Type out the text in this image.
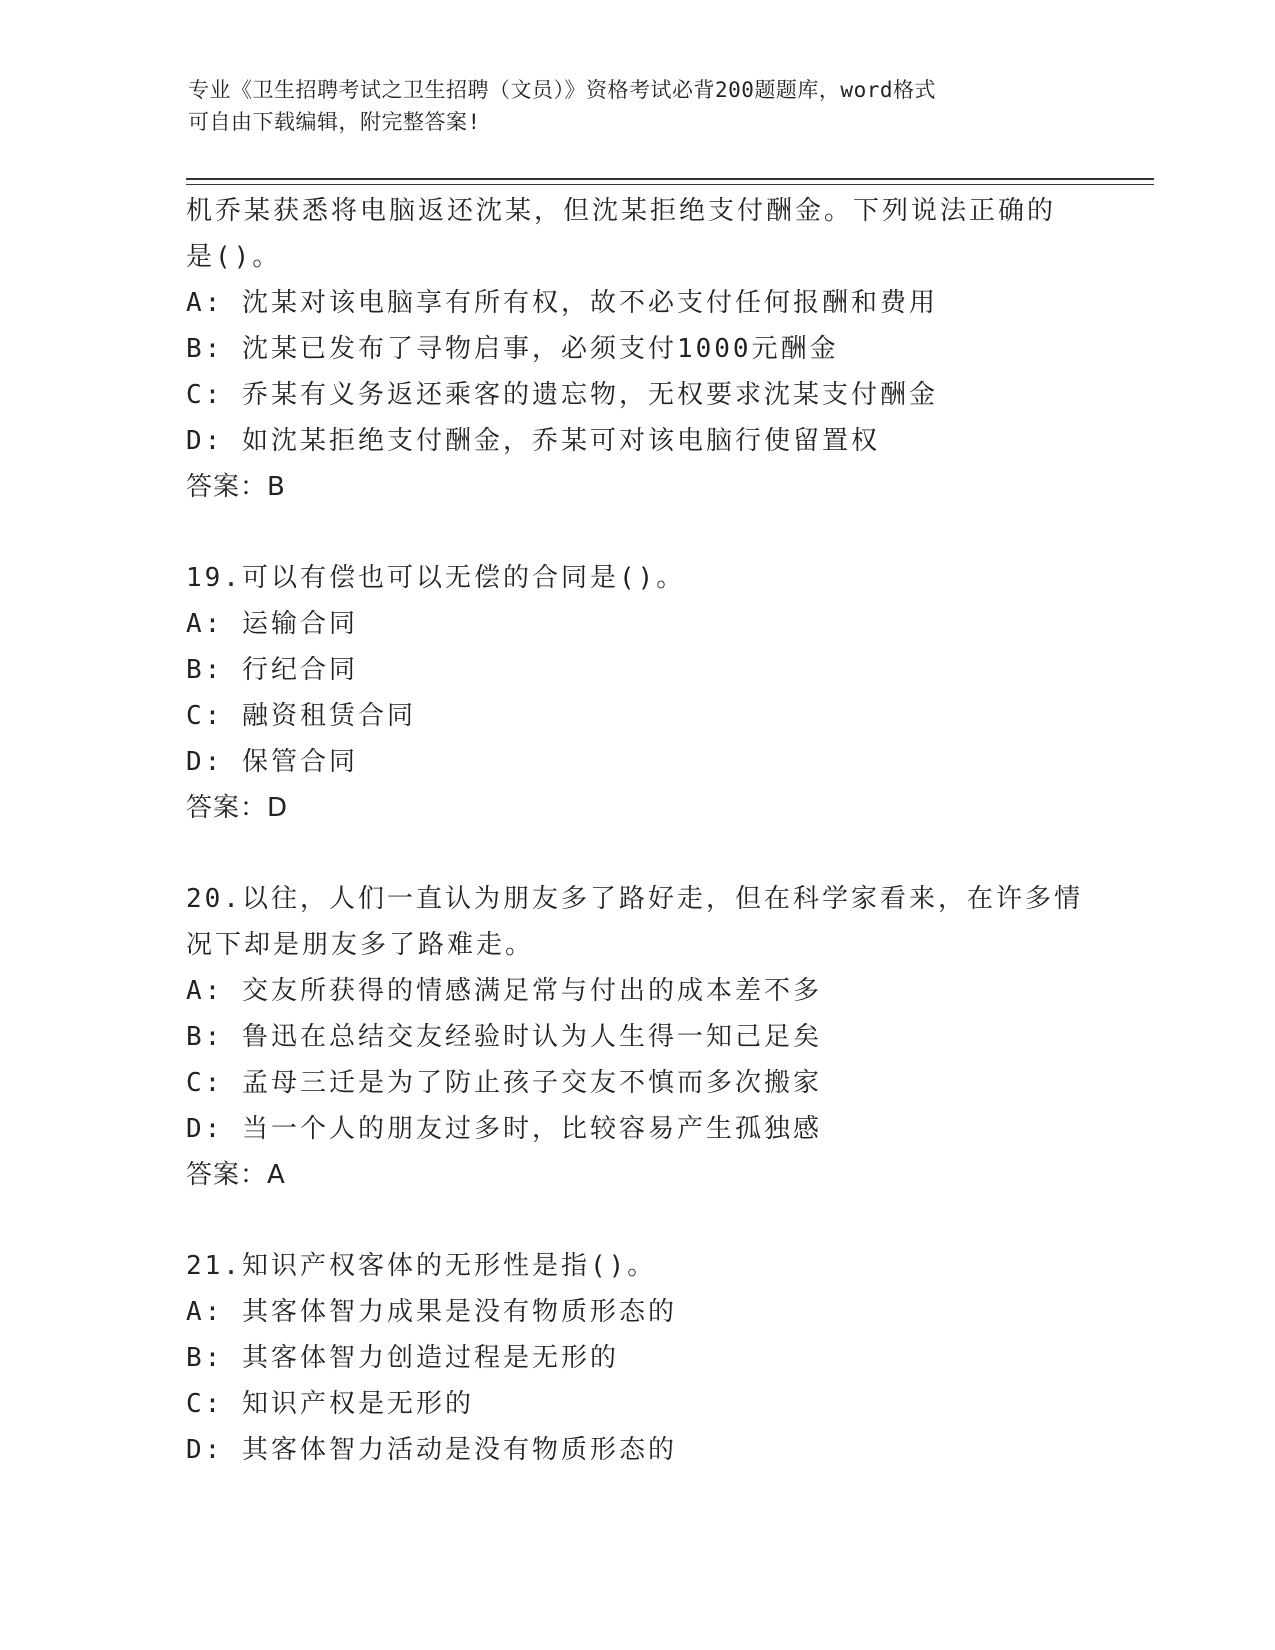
专业《卫生招聘考试之卫生招聘（文员）》资格考试必背200题题库，word格式
可自由下载编辑，附完整答案!
机乔某获悉将电脑返还沈某，但沈某拒绝支付酬金。下列说法正确的
是()。
A: 沈某对该电脑享有所有权，故不必支付任何报酬和费用
B: 沈某已发布了寻物启事，必须支付1000元酬金
C: 乔某有义务返还乘客的遗忘物，无权要求沈某支付酬金
D: 如沈某拒绝支付酬金，乔某可对该电脑行使留置权
答案：B
19.可以有偿也可以无偿的合同是()。
A: 运输合同
B: 行纪合同
C: 融资租赁合同
D: 保管合同
答案：D
20.以往，人们一直认为朋友多了路好走，但在科学家看来，在许多情
况下却是朋友多了路难走。
A: 交友所获得的情感满足常与付出的成本差不多
B: 鲁迅在总结交友经验时认为人生得一知己足矣
C: 孟母三迁是为了防止孩子交友不慎而多次搬家
D: 当一个人的朋友过多时，比较容易产生孤独感
答案：A
21.知识产权客体的无形性是指()。
A: 其客体智力成果是没有物质形态的
B: 其客体智力创造过程是无形的
C: 知识产权是无形的
D: 其客体智力活动是没有物质形态的
